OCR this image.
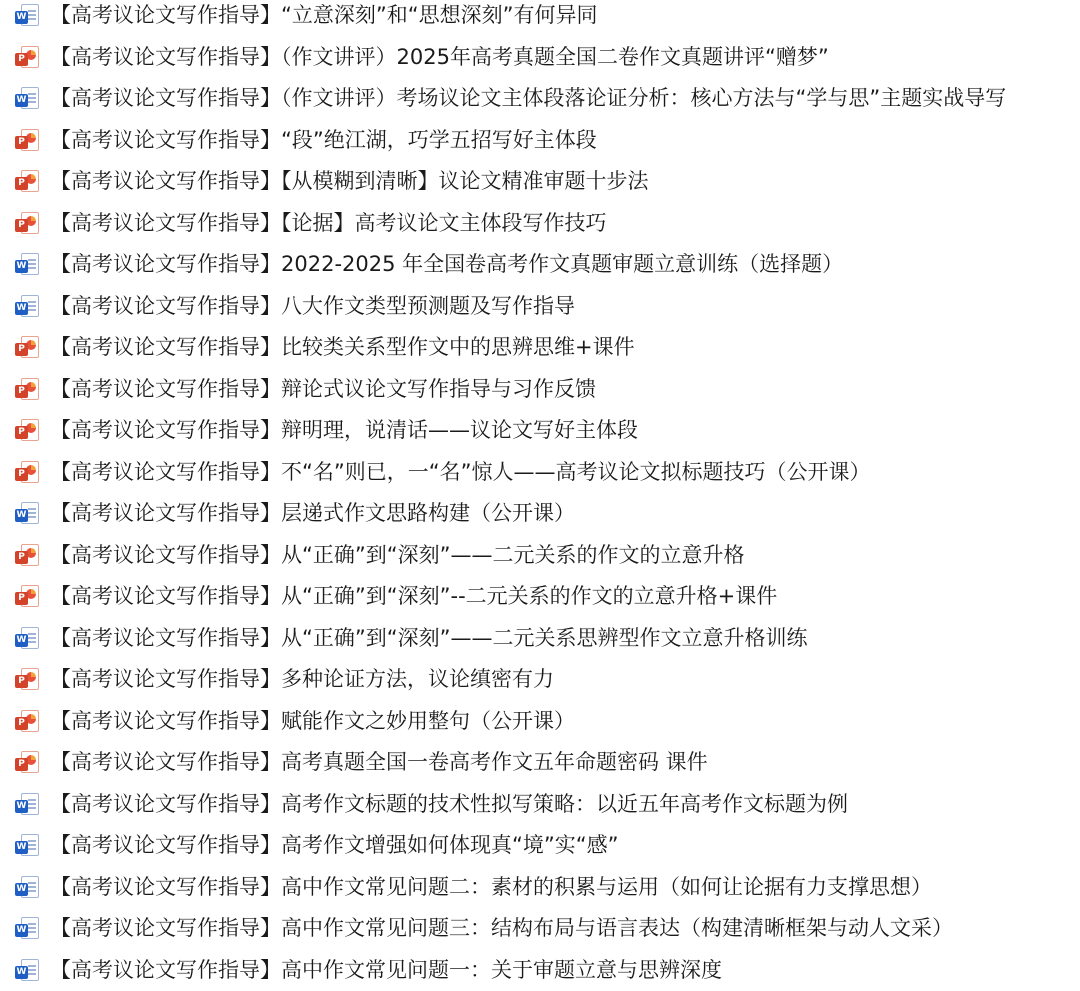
W 【高考议论文写作指导】“立意深刻”和“思想深刻”有何异同
P 【高考议论文写作指导】（作文讲评）2025年高考真题全国二卷作文真题讲评“赠梦”
W 【高考议论文写作指导】（作文讲评）考场议论文主体段落论证分析：核心方法与“学与思”主题实战导写
P 【高考议论文写作指导】“段”绝江湖，巧学五招写好主体段
P 【高考议论文写作指导】【从模糊到清晰】议论文精准审题十步法
P 【高考议论文写作指导】【论据】高考议论文主体段写作技巧
W 【高考议论文写作指导】2022-2025 年全国卷高考作文真题审题立意训练（选择题）
W 【高考议论文写作指导】八大作文类型预测题及写作指导
P 【高考议论文写作指导】比较类关系型作文中的思辨思维+课件
P 【高考议论文写作指导】辩论式议论文写作指导与习作反馈
P 【高考议论文写作指导】辩明理，说清话——议论文写好主体段
P 【高考议论文写作指导】不“名”则已，一“名”惊人——高考议论文拟标题技巧（公开课）
W 【高考议论文写作指导】层递式作文思路构建（公开课）
P 【高考议论文写作指导】从“正确”到“深刻”——二元关系的作文的立意升格
P 【高考议论文写作指导】从“正确”到“深刻”--二元关系的作文的立意升格+课件
W 【高考议论文写作指导】从“正确”到“深刻”——二元关系思辨型作文立意升格训练
P 【高考议论文写作指导】多种论证方法，议论缜密有力
P 【高考议论文写作指导】赋能作文之妙用整句（公开课）
P 【高考议论文写作指导】高考真题全国一卷高考作文五年命题密码 课件
W 【高考议论文写作指导】高考作文标题的技术性拟写策略：以近五年高考作文标题为例
W 【高考议论文写作指导】高考作文增强如何体现真“境”实“感”
W 【高考议论文写作指导】高中作文常见问题二：素材的积累与运用（如何让论据有力支撑思想）
W 【高考议论文写作指导】高中作文常见问题三：结构布局与语言表达（构建清晰框架与动人文采）
W 【高考议论文写作指导】高中作文常见问题一：关于审题立意与思辨深度
